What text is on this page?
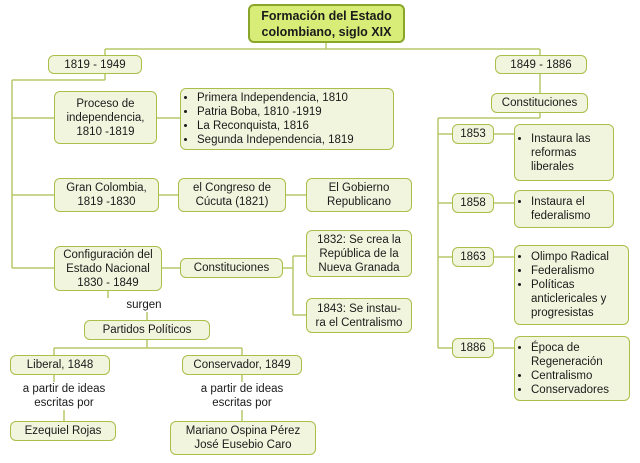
Formación del Estado
colombiano, siglo XIX
1819 - 1949	1849 - 1886
Proceso de
independencia,
1810 -1819
• Primera Independencia, 1810
• Patria Boba, 1810 -1919
• La Reconquista, 1816
• Segunda Independencia, 1819
Gran Colombia,
1819 -1830
el Congreso de
Cúcuta (1821)
El Gobierno
Republicano
Configuración del
Estado Nacional
1830 - 1849
Constituciones
1832: Se crea la
República de la
Nueva Granada
1843: Se instau-
ra el Centralismo
surgen
Partidos Políticos
Liberal, 1848
a partir de ideas
escritas por
Ezequiel Rojas
Conservador, 1849
a partir de ideas
escritas por
Mariano Ospina Pérez
José Eusebio Caro
Constituciones
1853	• Instaura las
reformas
liberales
1858	• Instaura el
federalismo
1863	• Olimpo Radical
• Federalismo
• Políticas
anticlericales y
progresistas
1886	• Época de
Regeneración
• Centralismo
• Conservadores
